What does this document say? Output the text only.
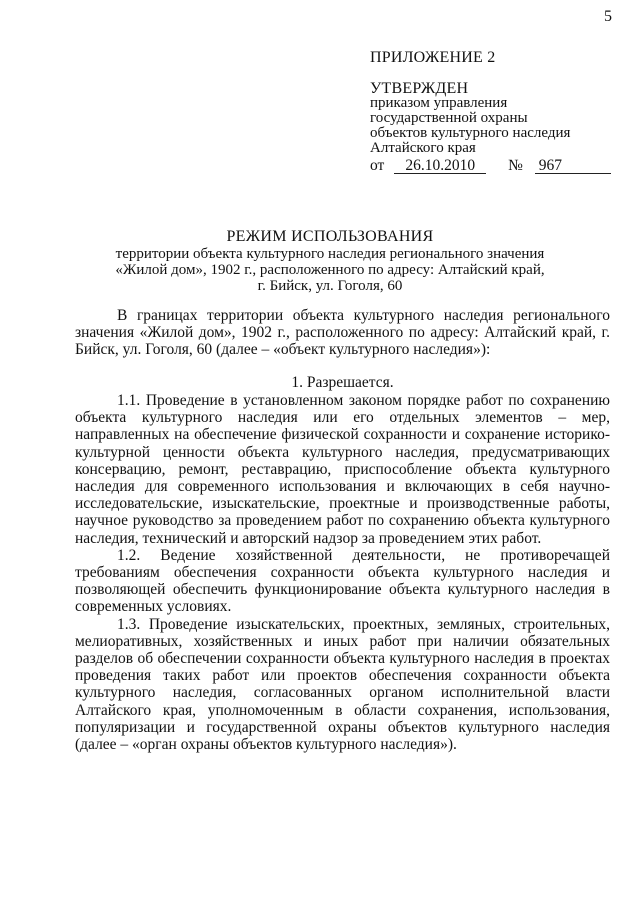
5
ПРИЛОЖЕНИЕ 2
УТВЕРЖДЕН
приказом управления
государственной охраны
объектов культурного наследия
Алтайского края
от 26.10.2010 № 967
РЕЖИМ ИСПОЛЬЗОВАНИЯ
территории объекта культурного наследия регионального значения
«Жилой дом», 1902 г., расположенного по адресу: Алтайский край,
г. Бийск, ул. Гоголя, 60

В границах территории объекта культурного наследия регионального значения «Жилой дом», 1902 г., расположенного по адресу: Алтайский край, г. Бийск, ул. Гоголя, 60 (далее – «объект культурного наследия»):

1. Разрешается.

1.1. Проведение в установленном законом порядке работ по сохранению объекта культурного наследия или его отдельных элементов – мер, направленных на обеспечение физической сохранности и сохранение историко-культурной ценности объекта культурного наследия, предусматривающих консервацию, ремонт, реставрацию, приспособление объекта культурного наследия для современного использования и включающих в себя научно-исследовательские, изыскательские, проектные и производственные работы, научное руководство за проведением работ по сохранению объекта культурного наследия, технический и авторский надзор за проведением этих работ.

1.2. Ведение хозяйственной деятельности, не противоречащей требованиям обеспечения сохранности объекта культурного наследия и позволяющей обеспечить функционирование объекта культурного наследия в современных условиях.

1.3. Проведение изыскательских, проектных, земляных, строительных, мелиоративных, хозяйственных и иных работ при наличии обязательных разделов об обеспечении сохранности объекта культурного наследия в проектах проведения таких работ или проектов обеспечения сохранности объекта культурного наследия, согласованных органом исполнительной власти Алтайского края, уполномоченным в области сохранения, использования, популяризации и государственной охраны объектов культурного наследия (далее – «орган охраны объектов культурного наследия»).
